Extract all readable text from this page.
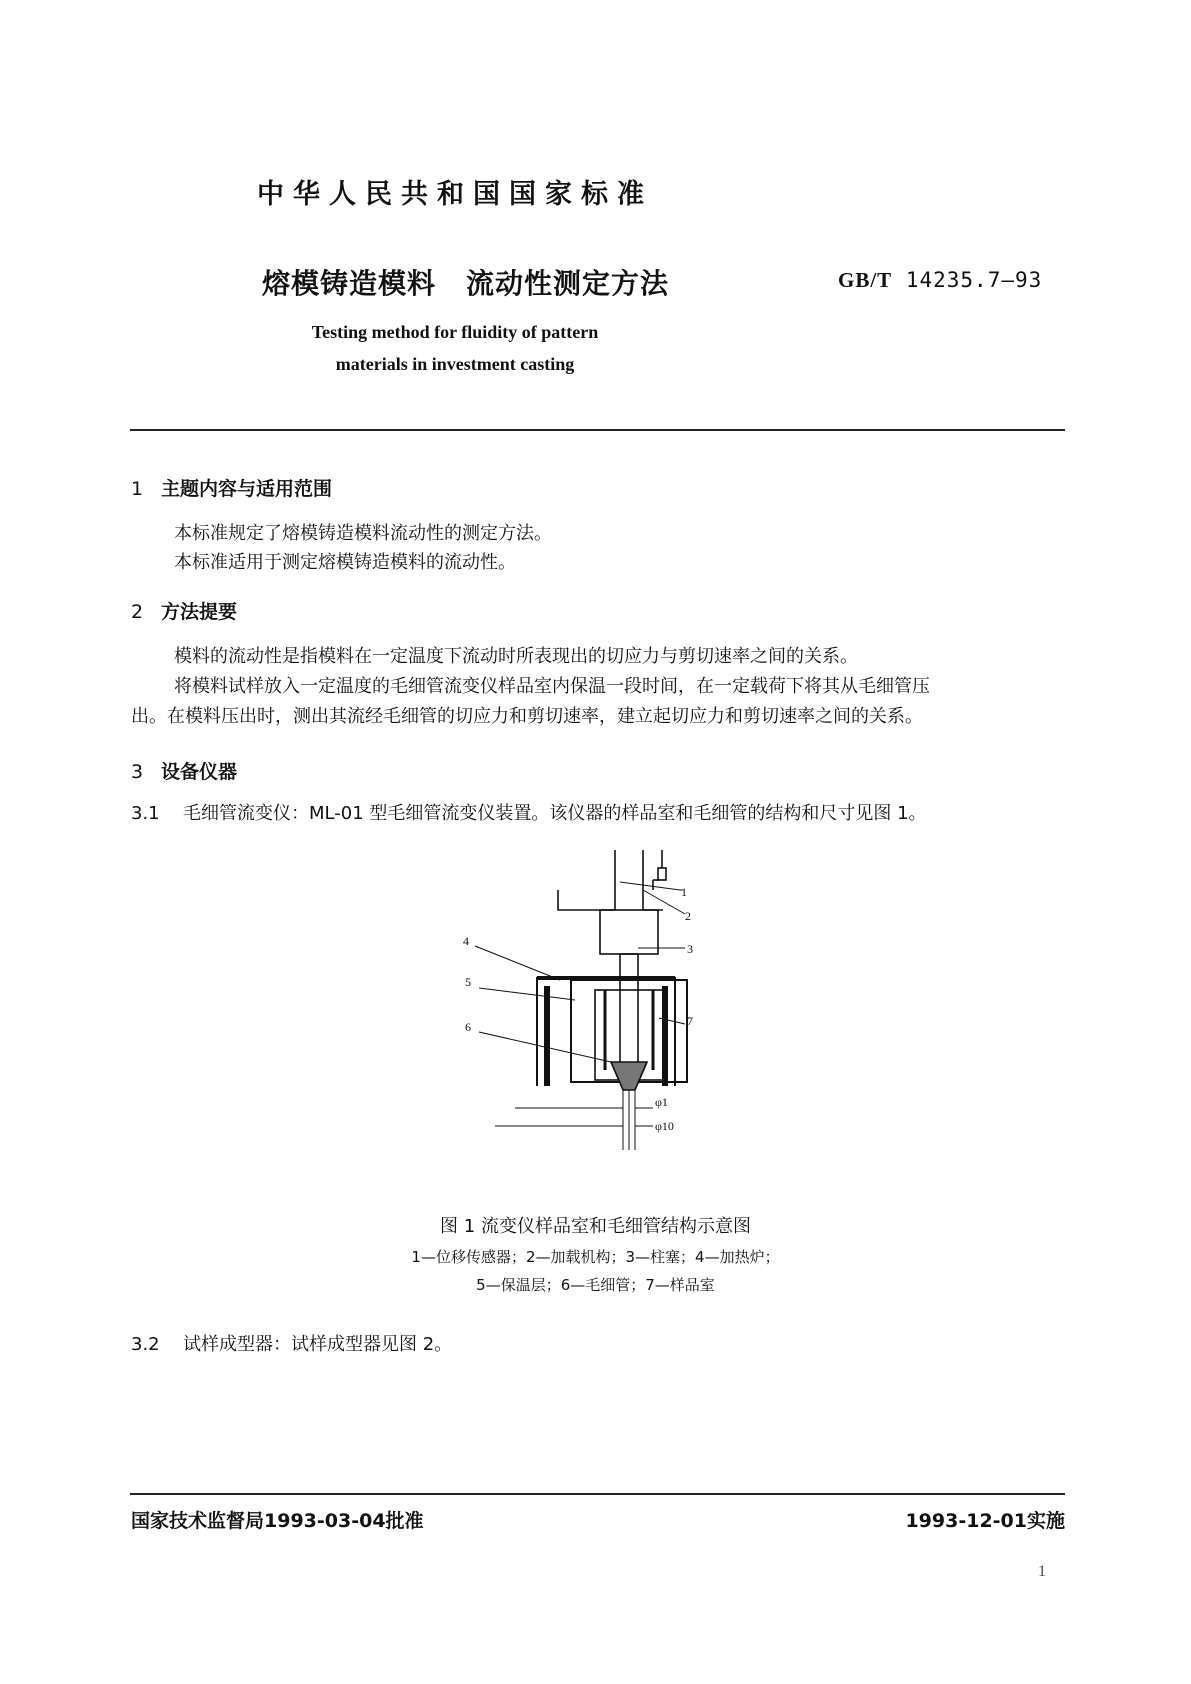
中华人民共和国国家标准
熔模铸造模料 流动性测定方法	GB/T 14235.7—93
Testing method for fluidity of pattern
materials in investment casting
1 主题内容与适用范围
本标准规定了熔模铸造模料流动性的测定方法。
本标准适用于测定熔模铸造模料的流动性。
2 方法提要
模料的流动性是指模料在一定温度下流动时所表现出的切应力与剪切速率之间的关系。
将模料试样放入一定温度的毛细管流变仪样品室内保温一段时间，在一定载荷下将其从毛细管压
出。在模料压出时，测出其流经毛细管的切应力和剪切速率，建立起切应力和剪切速率之间的关系。
3 设备仪器
3.1 毛细管流变仪：ML-01 型毛细管流变仪装置。该仪器的样品室和毛细管的结构和尺寸见图 1。
1
2
3
4
5
6	7
φ1
φ10
图 1 流变仪样品室和毛细管结构示意图
1—位移传感器；2—加载机构；3—柱塞；4—加热炉；
5—保温层；6—毛细管；7—样品室
3.2 试样成型器：试样成型器见图 2。
国家技术监督局1993-03-04批准	1993-12-01实施
1
